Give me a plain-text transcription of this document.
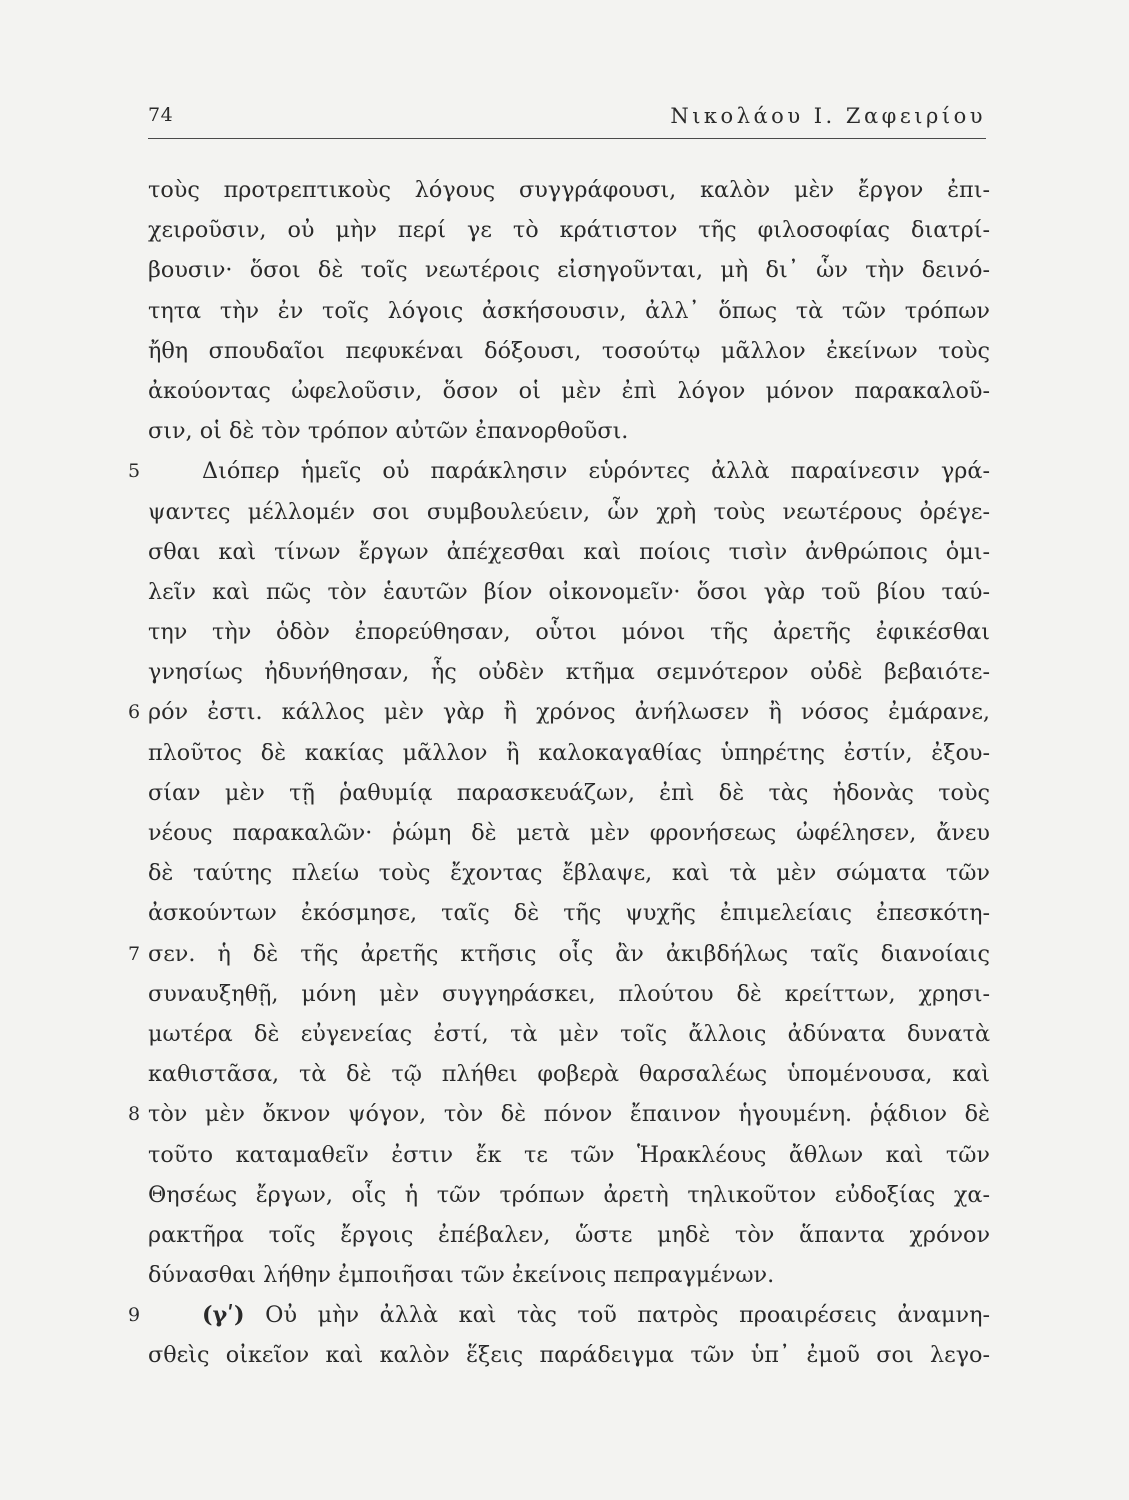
74	Νικολάου Ι. Ζαφειρίου
τοὺς προτρεπτικοὺς λόγους συγγράφουσι, καλὸν μὲν ἔργον ἐπι-
χειροῦσιν, οὐ μὴν περί γε τὸ κράτιστον τῆς φιλοσοφίας διατρί-
βουσιν· ὅσοι δὲ τοῖς νεωτέροις εἰσηγοῦνται, μὴ δι᾽ ὧν τὴν δεινό-
τητα τὴν ἐν τοῖς λόγοις ἀσκήσουσιν, ἀλλ᾽ ὅπως τὰ τῶν τρόπων
ἤθη σπουδαῖοι πεφυκέναι δόξουσι, τοσούτῳ μᾶλλον ἐκείνων τοὺς
ἀκούοντας ὠφελοῦσιν, ὅσον οἱ μὲν ἐπὶ λόγον μόνον παρακαλοῦ-
σιν, οἱ δὲ τὸν τρόπον αὐτῶν ἐπανορθοῦσι.
5	Διόπερ ἡμεῖς οὐ παράκλησιν εὑρόντες ἀλλὰ παραίνεσιν γρά-
ψαντες μέλλομέν σοι συμβουλεύειν, ὧν χρὴ τοὺς νεωτέρους ὀρέγε-
σθαι καὶ τίνων ἔργων ἀπέχεσθαι καὶ ποίοις τισὶν ἀνθρώποις ὁμι-
λεῖν καὶ πῶς τὸν ἑαυτῶν βίον οἰκονομεῖν· ὅσοι γὰρ τοῦ βίου ταύ-
την τὴν ὁδὸν ἐπορεύθησαν, οὗτοι μόνοι τῆς ἀρετῆς ἐφικέσθαι
γνησίως ἠδυνήθησαν, ἧς οὐδὲν κτῆμα σεμνότερον οὐδὲ βεβαιότε-
6 ρόν ἐστι. κάλλος μὲν γὰρ ἢ χρόνος ἀνήλωσεν ἢ νόσος ἐμάρανε,
πλοῦτος δὲ κακίας μᾶλλον ἢ καλοκαγαθίας ὑπηρέτης ἐστίν, ἐξου-
σίαν μὲν τῇ ῥαθυμίᾳ παρασκευάζων, ἐπὶ δὲ τὰς ἡδονὰς τοὺς
νέους παρακαλῶν· ῥώμη δὲ μετὰ μὲν φρονήσεως ὠφέλησεν, ἄνευ
δὲ ταύτης πλείω τοὺς ἔχοντας ἔβλαψε, καὶ τὰ μὲν σώματα τῶν
ἀσκούντων ἐκόσμησε, ταῖς δὲ τῆς ψυχῆς ἐπιμελείαις ἐπεσκότη-
7 σεν. ἡ δὲ τῆς ἀρετῆς κτῆσις οἷς ἂν ἀκιβδήλως ταῖς διανοίαις
συναυξηθῇ, μόνη μὲν συγγηράσκει, πλούτου δὲ κρείττων, χρησι-
μωτέρα δὲ εὐγενείας ἐστί, τὰ μὲν τοῖς ἄλλοις ἀδύνατα δυνατὰ
καθιστᾶσα, τὰ δὲ τῷ πλήθει φοβερὰ θαρσαλέως ὑπομένουσα, καὶ
8 τὸν μὲν ὄκνον ψόγον, τὸν δὲ πόνον ἔπαινον ἡγουμένη. ῥᾴδιον δὲ
τοῦτο καταμαθεῖν ἐστιν ἔκ τε τῶν Ἡρακλέους ἄθλων καὶ τῶν
Θησέως ἔργων, οἷς ἡ τῶν τρόπων ἀρετὴ τηλικοῦτον εὐδοξίας χα-
ρακτῆρα τοῖς ἔργοις ἐπέβαλεν, ὥστε μηδὲ τὸν ἅπαντα χρόνον
δύνασθαι λήθην ἐμποιῆσαι τῶν ἐκείνοις πεπραγμένων.
9	(γʹ) Οὐ μὴν ἀλλὰ καὶ τὰς τοῦ πατρὸς προαιρέσεις ἀναμνη-
σθεὶς οἰκεῖον καὶ καλὸν ἕξεις παράδειγμα τῶν ὑπ᾽ ἐμοῦ σοι λεγο-
